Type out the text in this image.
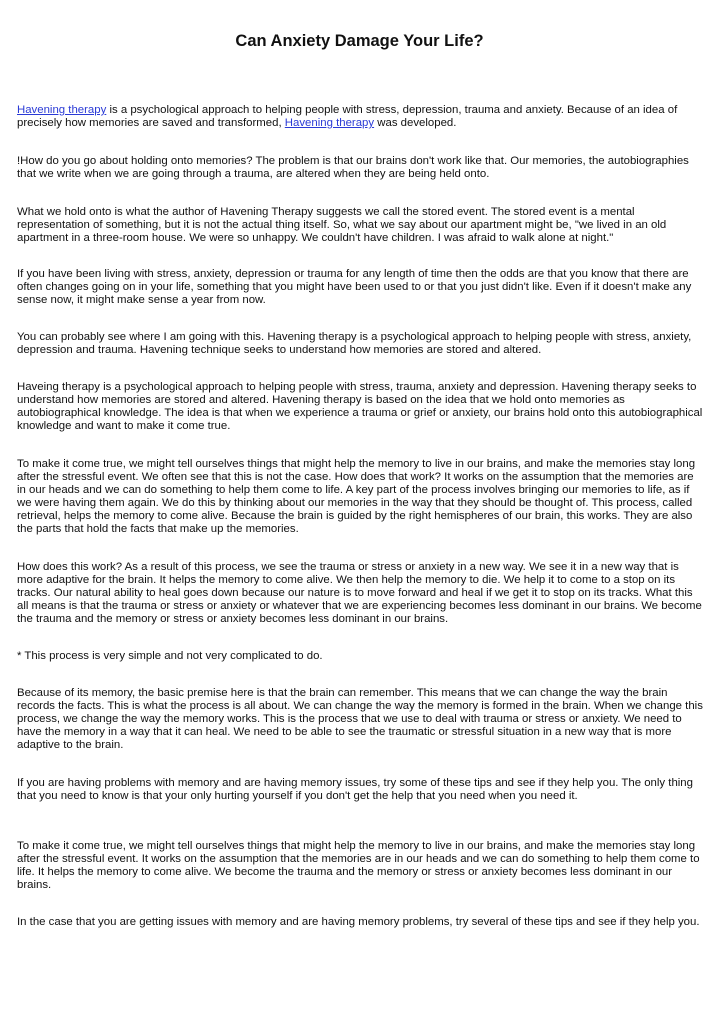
Can Anxiety Damage Your Life?

Havening therapy is a psychological approach to helping people with stress, depression, trauma and anxiety. Because of an idea of precisely how memories are saved and transformed, Havening therapy was developed.

!How do you go about holding onto memories? The problem is that our brains don't work like that. Our memories, the autobiographies that we write when we are going through a trauma, are altered when they are being held onto.

What we hold onto is what the author of Havening Therapy suggests we call the stored event. The stored event is a mental representation of something, but it is not the actual thing itself. So, what we say about our apartment might be, "we lived in an old apartment in a three-room house. We were so unhappy. We couldn't have children. I was afraid to walk alone at night."

If you have been living with stress, anxiety, depression or trauma for any length of time then the odds are that you know that there are often changes going on in your life, something that you might have been used to or that you just didn't like. Even if it doesn't make any sense now, it might make sense a year from now.

You can probably see where I am going with this. Havening therapy is a psychological approach to helping people with stress, anxiety, depression and trauma. Havening technique seeks to understand how memories are stored and altered.

Haveing therapy is a psychological approach to helping people with stress, trauma, anxiety and depression. Havening therapy seeks to understand how memories are stored and altered. Havening therapy is based on the idea that we hold onto memories as autobiographical knowledge. The idea is that when we experience a trauma or grief or anxiety, our brains hold onto this autobiographical knowledge and want to make it come true.

To make it come true, we might tell ourselves things that might help the memory to live in our brains, and make the memories stay long after the stressful event. We often see that this is not the case. How does that work? It works on the assumption that the memories are in our heads and we can do something to help them come to life. A key part of the process involves bringing our memories to life, as if we were having them again. We do this by thinking about our memories in the way that they should be thought of. This process, called retrieval, helps the memory to come alive. Because the brain is guided by the right hemispheres of our brain, this works. They are also the parts that hold the facts that make up the memories.

How does this work? As a result of this process, we see the trauma or stress or anxiety in a new way. We see it in a new way that is more adaptive for the brain. It helps the memory to come alive. We then help the memory to die. We help it to come to a stop on its tracks. Our natural ability to heal goes down because our nature is to move forward and heal if we get it to stop on its tracks. What this all means is that the trauma or stress or anxiety or whatever that we are experiencing becomes less dominant in our brains. We become the trauma and the memory or stress or anxiety becomes less dominant in our brains.

* This process is very simple and not very complicated to do.

Because of its memory, the basic premise here is that the brain can remember. This means that we can change the way the brain records the facts. This is what the process is all about. We can change the way the memory is formed in the brain. When we change this process, we change the way the memory works. This is the process that we use to deal with trauma or stress or anxiety. We need to have the memory in a way that it can heal. We need to be able to see the traumatic or stressful situation in a new way that is more adaptive to the brain.

If you are having problems with memory and are having memory issues, try some of these tips and see if they help you. The only thing that you need to know is that your only hurting yourself if you don't get the help that you need when you need it.

To make it come true, we might tell ourselves things that might help the memory to live in our brains, and make the memories stay long after the stressful event. It works on the assumption that the memories are in our heads and we can do something to help them come to life. It helps the memory to come alive. We become the trauma and the memory or stress or anxiety becomes less dominant in our brains.

In the case that you are getting issues with memory and are having memory problems, try several of these tips and see if they help you.
